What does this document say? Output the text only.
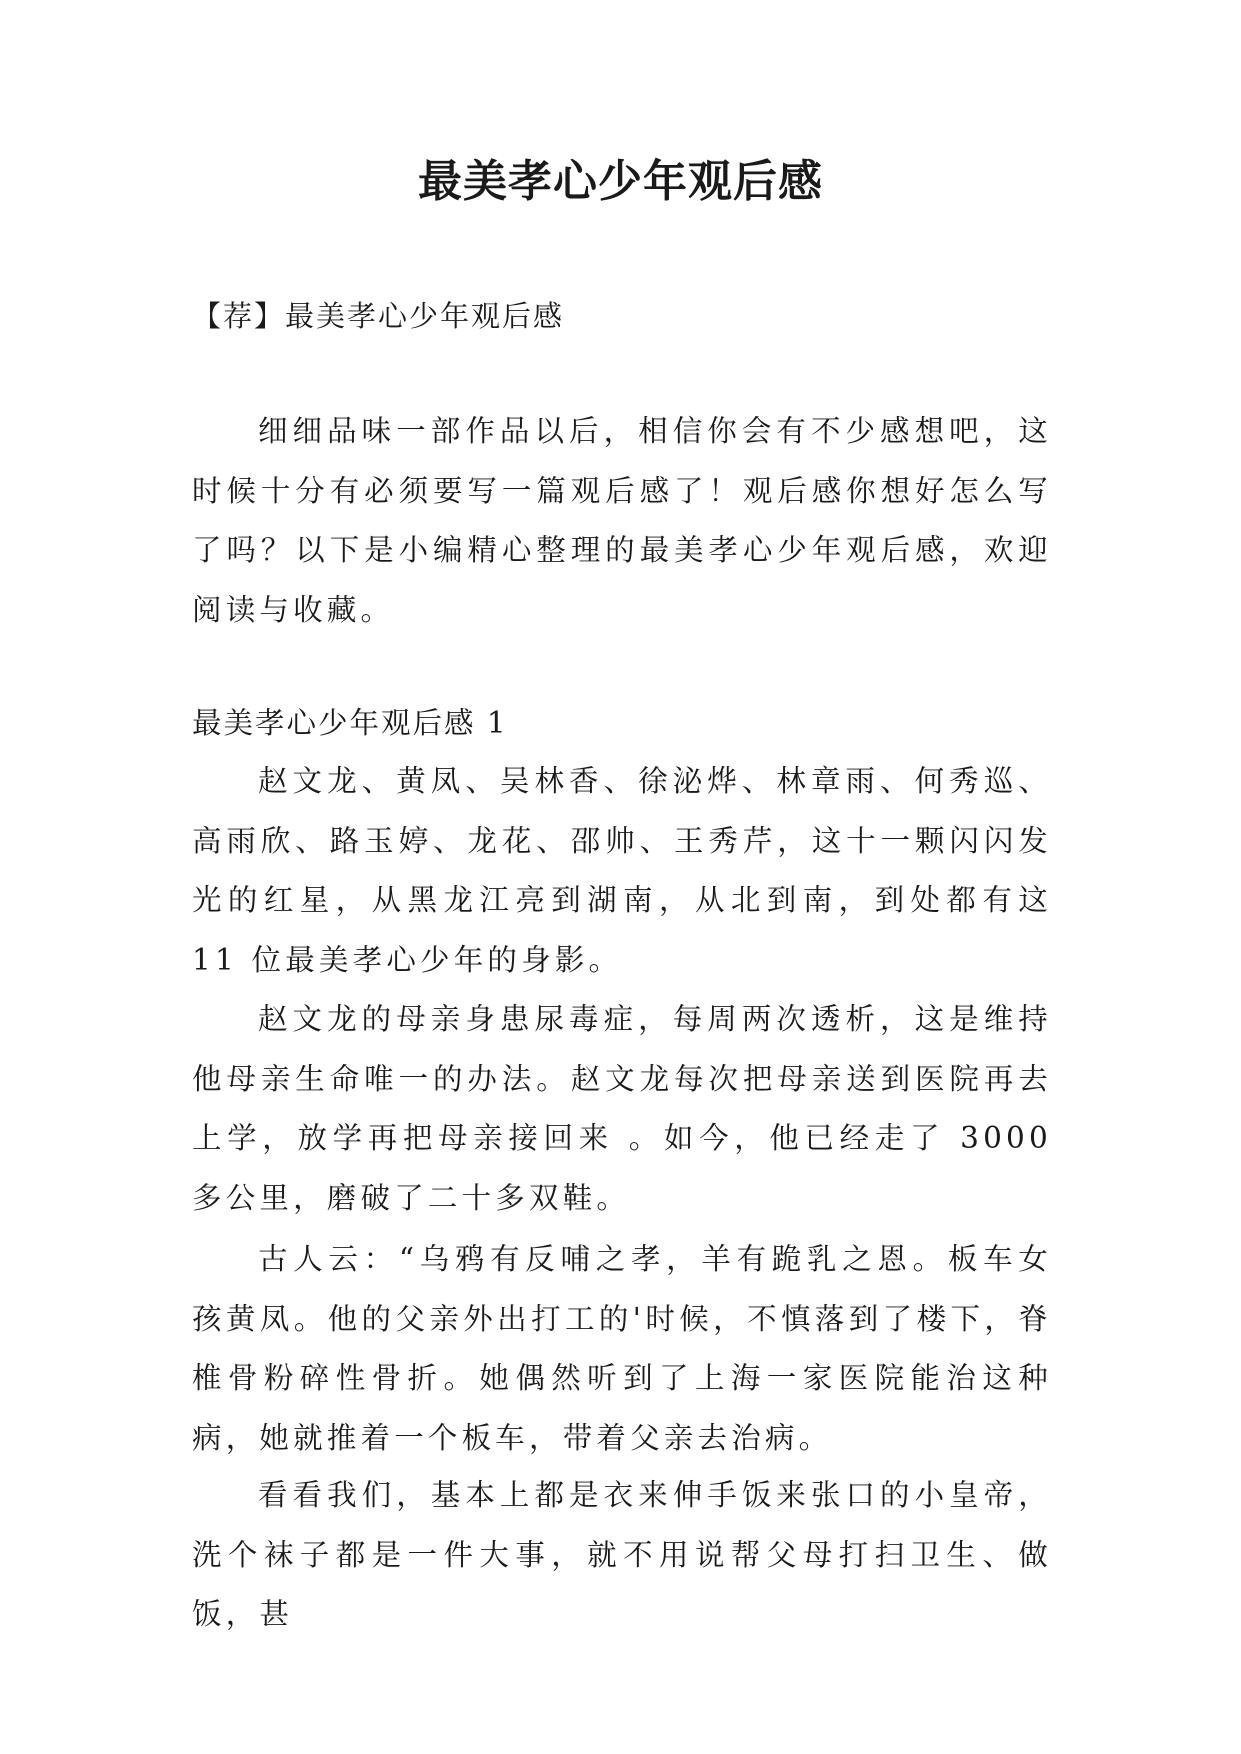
最美孝心少年观后感
【荐】最美孝心少年观后感

细细品味一部作品以后，相信你会有不少感想吧，这时候十分有必须要写一篇观后感了！观后感你想好怎么写了吗？以下是小编精心整理的最美孝心少年观后感，欢迎阅读与收藏。

最美孝心少年观后感 1

赵文龙、黄凤、吴林香、徐泌烨、林章雨、何秀巡、高雨欣、路玉婷、龙花、邵帅、王秀芹，这十一颗闪闪发光的红星，从黑龙江亮到湖南，从北到南，到处都有这 11 位最美孝心少年的身影。

赵文龙的母亲身患尿毒症，每周两次透析，这是维持他母亲生命唯一的办法。赵文龙每次把母亲送到医院再去上学，放学再把母亲接回来 。如今，他已经走了 3000 多公里，磨破了二十多双鞋。

古人云：“乌鸦有反哺之孝，羊有跪乳之恩。板车女孩黄凤。他的父亲外出打工的'时候，不慎落到了楼下，脊椎骨粉碎性骨折。她偶然听到了上海一家医院能治这种病，她就推着一个板车，带着父亲去治病。

看看我们，基本上都是衣来伸手饭来张口的小皇帝，洗个袜子都是一件大事，就不用说帮父母打扫卫生、做饭，甚
